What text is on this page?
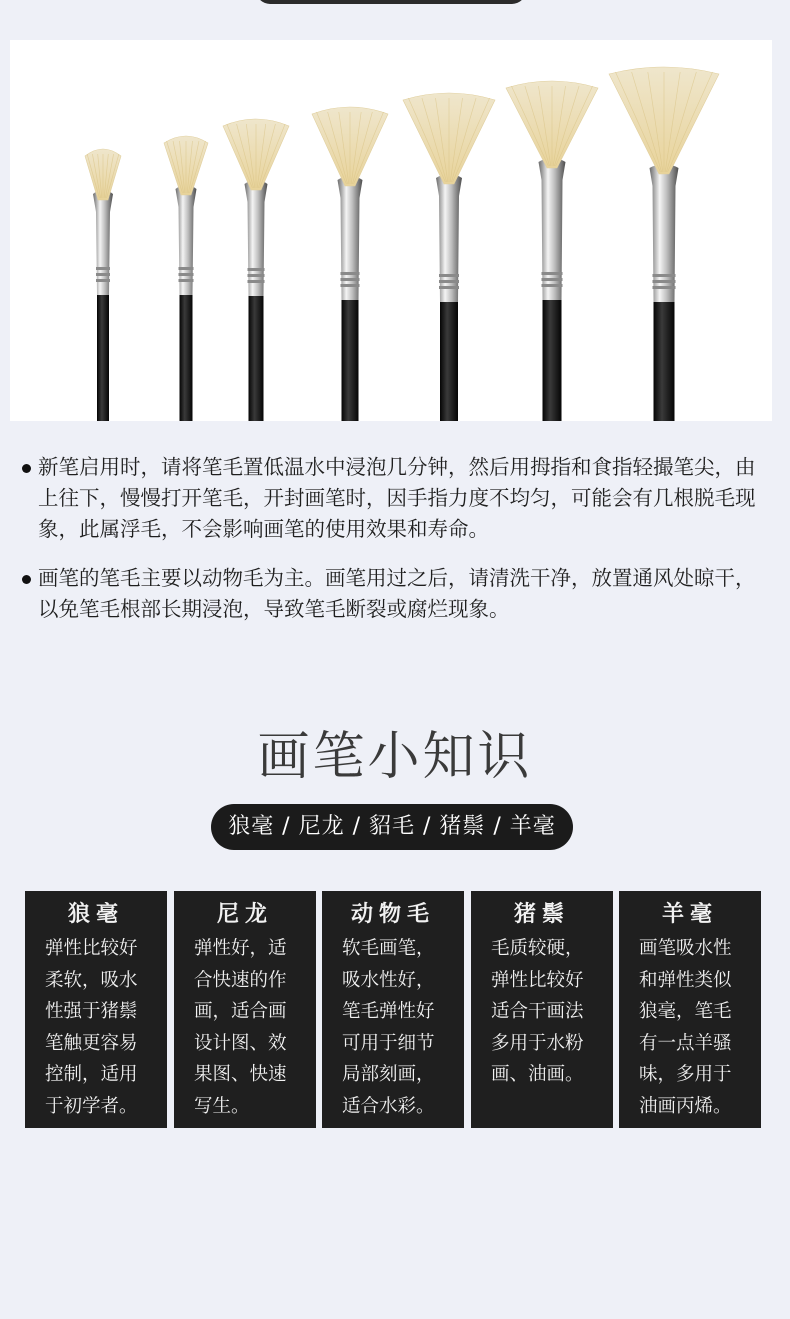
新笔启用时，请将笔毛置低温水中浸泡几分钟，然后用拇指和食指轻撮笔尖，由上往下，慢慢打开笔毛，开封画笔时，因手指力度不均匀，可能会有几根脱毛现象，此属浮毛，不会影响画笔的使用效果和寿命。
画笔的笔毛主要以动物毛为主。画笔用过之后，请清洗干净，放置通风处晾干，以免笔毛根部长期浸泡，导致笔毛断裂或腐烂现象。
画笔小知识
狼毫 / 尼龙 / 貂毛 / 猪鬃 / 羊毫
狼毫
弹性比较好柔软，吸水性强于猪鬃笔触更容易控制，适用于初学者。
尼龙
弹性好，适合快速的作画，适合画设计图、效果图、快速写生。
动物毛
软毛画笔，吸水性好，笔毛弹性好可用于细节局部刻画，适合水彩。
猪鬃
毛质较硬，弹性比较好适合干画法多用于水粉画、油画。
羊毫
画笔吸水性和弹性类似狼毫，笔毛有一点羊骚味，多用于油画丙烯。
